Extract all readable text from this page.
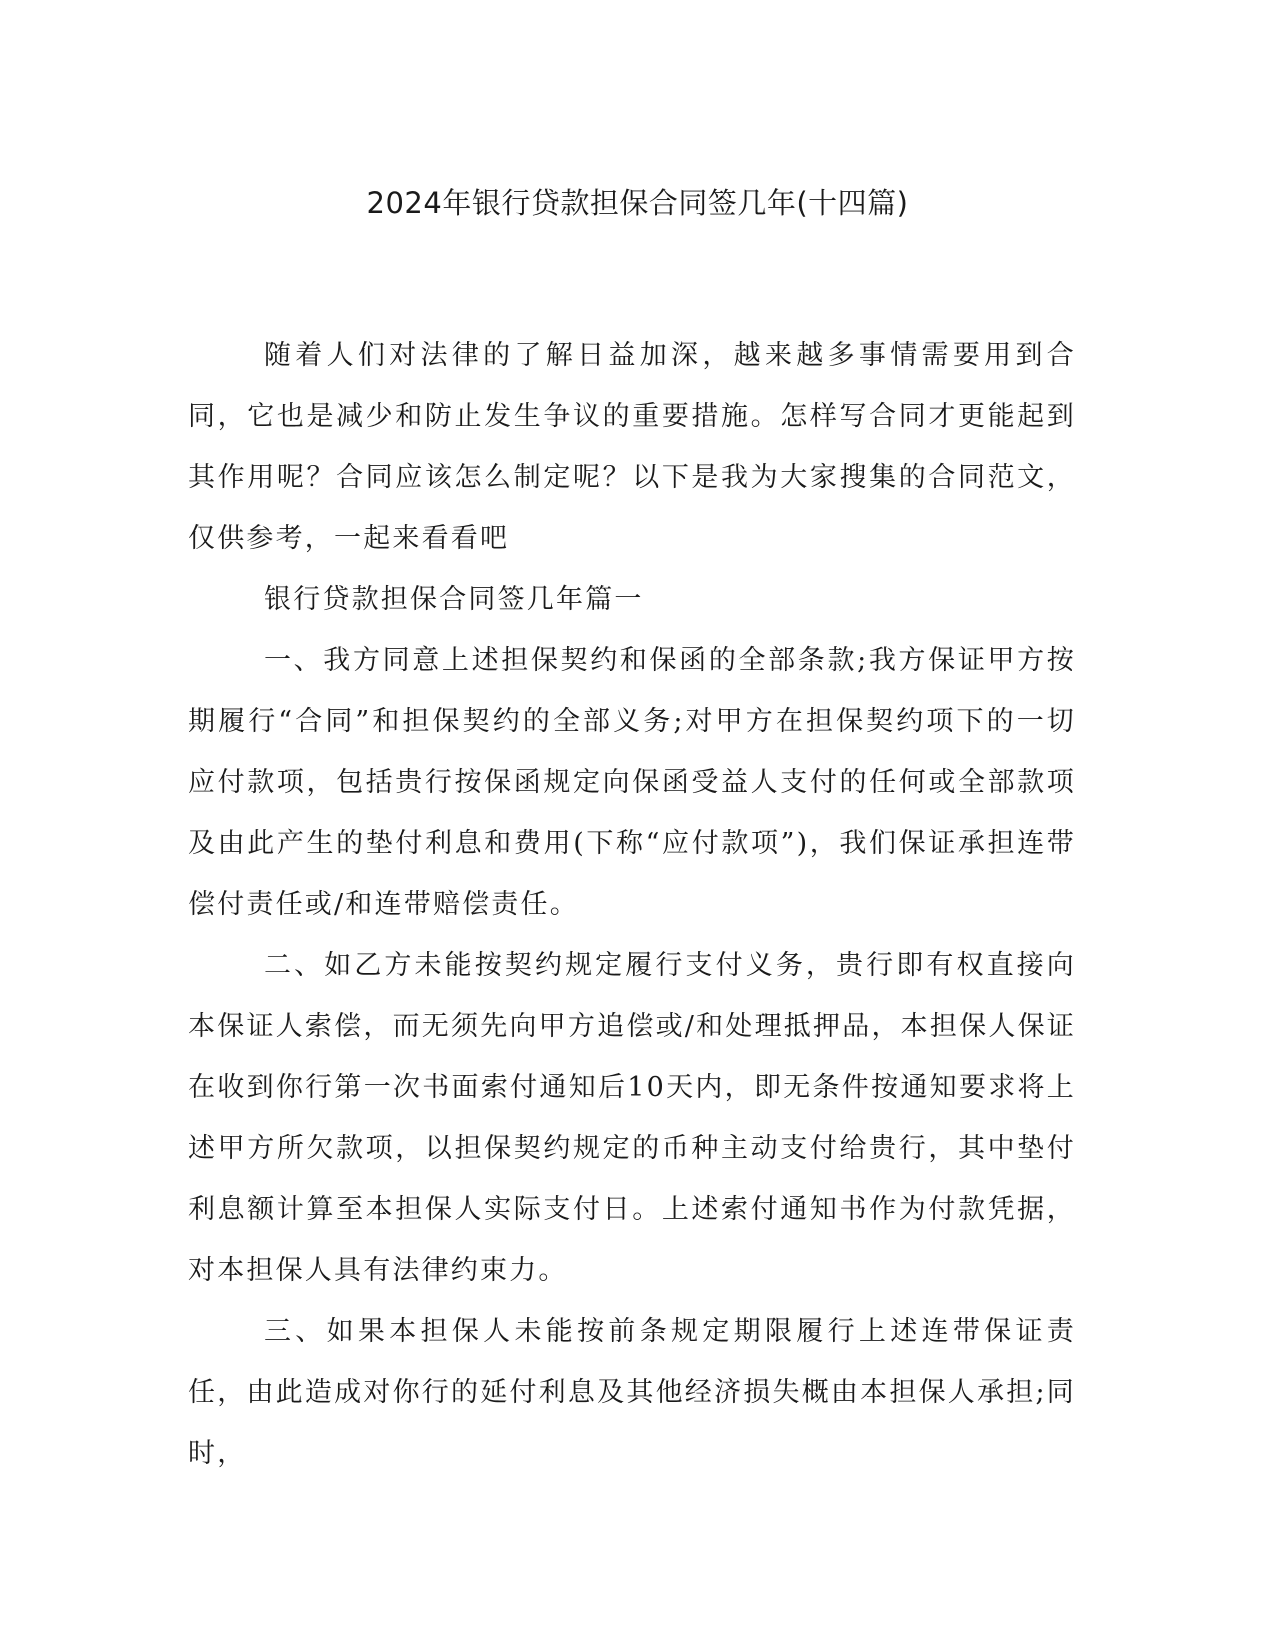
2024年银行贷款担保合同签几年(十四篇)

随着人们对法律的了解日益加深，越来越多事情需要用到合同，它也是减少和防止发生争议的重要措施。怎样写合同才更能起到其作用呢？合同应该怎么制定呢？以下是我为大家搜集的合同范文，仅供参考，一起来看看吧

银行贷款担保合同签几年篇一

一、我方同意上述担保契约和保函的全部条款;我方保证甲方按期履行“合同”和担保契约的全部义务;对甲方在担保契约项下的一切应付款项，包括贵行按保函规定向保函受益人支付的任何或全部款项及由此产生的垫付利息和费用(下称“应付款项”)，我们保证承担连带偿付责任或/和连带赔偿责任。

二、如乙方未能按契约规定履行支付义务，贵行即有权直接向本保证人索偿，而无须先向甲方追偿或/和处理抵押品，本担保人保证在收到你行第一次书面索付通知后10天内，即无条件按通知要求将上述甲方所欠款项，以担保契约规定的币种主动支付给贵行，其中垫付利息额计算至本担保人实际支付日。上述索付通知书作为付款凭据，对本担保人具有法律约束力。

三、如果本担保人未能按前条规定期限履行上述连带保证责任，由此造成对你行的延付利息及其他经济损失概由本担保人承担;同时，
